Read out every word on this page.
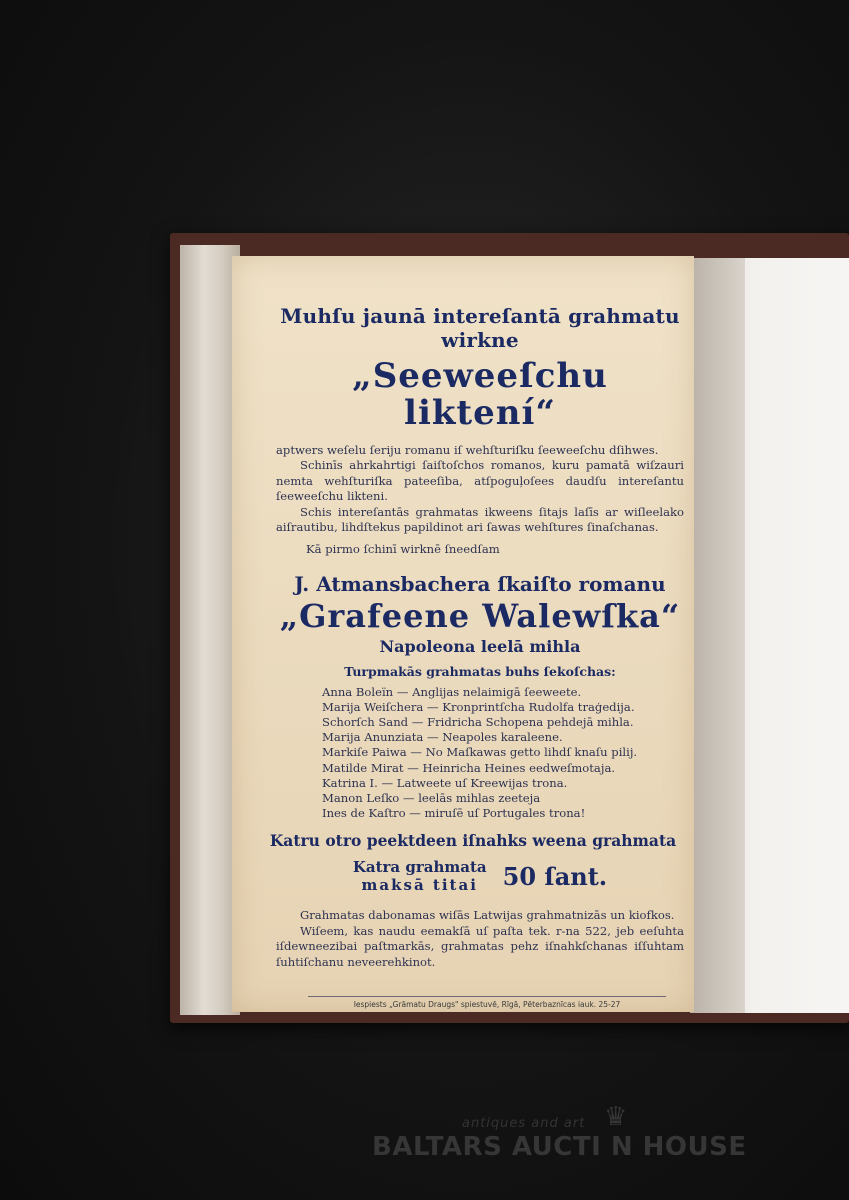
Muhſu jaunā intereſantā grahmatu wirkne
„Seeweeſchu liktení“

aptwers weſelu ſeriju romanu iſ wehſturiſku ſeeweeſchu dſihwes.

Schinīs ahrkahrtigi ſaiſtoſchos romanos, kuru pamatā wiſzauri nemta wehſturiſka pateeſiba, atſpoguļoſees daudſu intereſantu ſeeweeſchu likteni.

Schis intereſantās grahmatas ikweens ſitajs laſīs ar wiſleelako aiſrautibu, lihdſtekus papildinot ari ſawas wehſtures ſinaſchanas.

Kā pirmo ſchinī wirknē ſneedſam
J. Atmansbachera ſkaiſto romanu
„Grafeene Walewſka“
Napoleona leelā mihla
Turpmakās grahmatas buhs ſekoſchas:
Anna Boleïn — Anglijas nelaimigā ſeeweete.
Marija Weiſchera — Kronprintſcha Rudolfa traģedija.
Schorſch Sand — Fridricha Schopena pehdejā mihla.
Marija Anunziata — Neapoles karaleene.
Markiſe Paiwa — No Maſkawas getto lihdſ knaſu pilij.
Matilde Mirat — Heinricha Heines eedweſmotaja.
Katrina I. — Latweete uſ Kreewijas trona.
Manon Leſko — leelās mihlas zeeteja
Ines de Kaſtro — miruſē uſ Portugales trona!
Katru otro peektdeen iſnahks weena grahmata
Katra grahmata
maksā titai	50 ſant.

Grahmatas dabonamas wiſās Latwijas grahmatnizās un kiofkos.

Wiſeem, kas naudu eemakſā uſ paſta tek. r-na 522, jeb eeſuhta iſdewneezibai paſtmarkās, grahmatas pehz iſnahkſchanas iſſuhtam ſuhtiſchanu neveerehkinot.

Iespiests „Grāmatu Draugs" spiestuvē, Rīgā, Pēterbaznīcas iauk. 25-27
antiques and art
BALTARS AUCTI N HOUSE
♛
